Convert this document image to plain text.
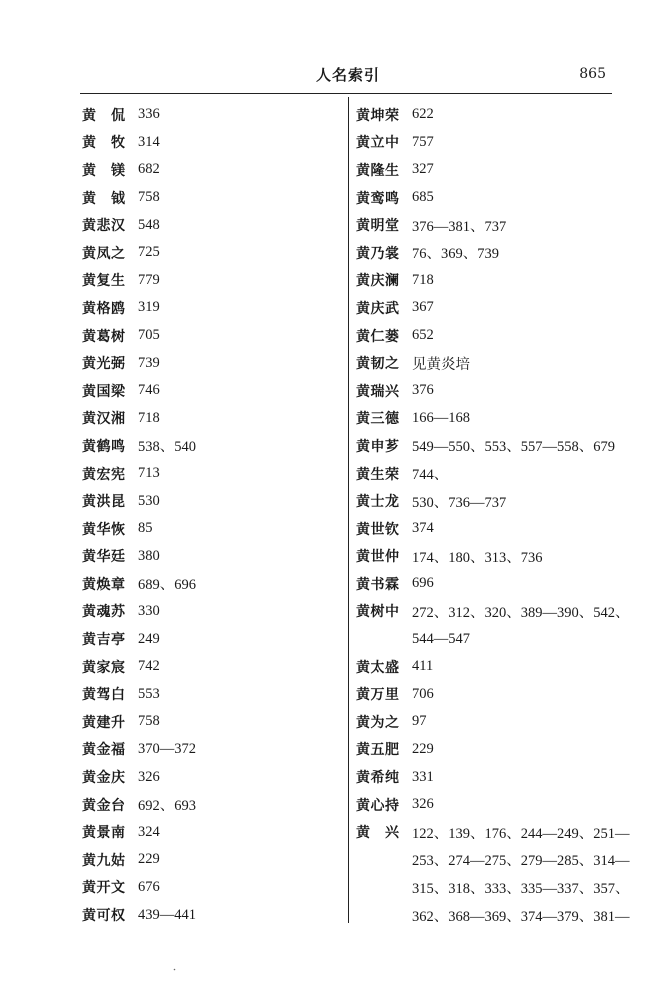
人名索引	865
黄　侃 336
黄　牧 314
黄　镁 682
黄　钺 758
黄悲汉 548
黄凤之 725
黄复生 779
黄格鸥 319
黄葛树 705
黄光弼 739
黄国梁 746
黄汉湘 718
黄鹤鸣 538、540
黄宏宪 713
黄洪昆 530
黄华恢 85
黄华廷 380
黄焕章 689、696
黄魂苏 330
黄吉亭 249
黄家宸 742
黄驾白 553
黄建升 758
黄金福 370—372
黄金庆 326
黄金台 692、693
黄景南 324
黄九姑 229
黄开文 676
黄可权 439—441
黄坤荣 622
黄立中 757
黄隆生 327
黄鸾鸣 685
黄明堂 376—381、737
黄乃裳 76、369、739
黄庆澜 718
黄庆武 367
黄仁蒌 652
黄韧之 见黄炎培
黄瑞兴 376
黄三德 166—168
黄申芗 549—550、553、557—558、679
黄生荣 744、
黄士龙 530、736—737
黄世钦 374
黄世仲 174、180、313、736
黄书霖 696
黄树中 272、312、320、389—390、542、
544—547
黄太盛 411
黄万里 706
黄为之 97
黄五肥 229
黄希纯 331
黄心持 326
黄　兴 122、139、176、244—249、251—
253、274—275、279—285、314—
315、318、333、335—337、357、
362、368—369、374—379、381—
